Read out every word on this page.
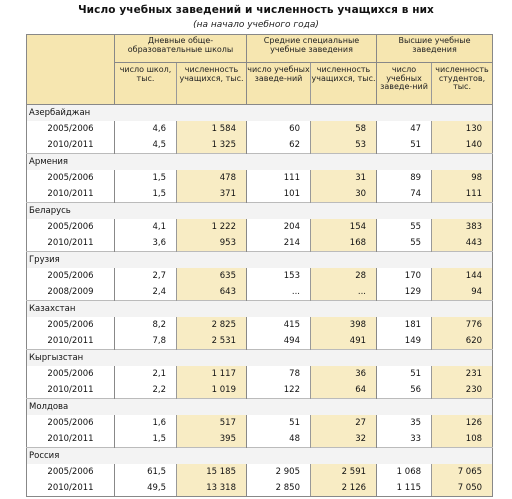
Число учебных заведений и численность учащихся в них
(на начало учебного года)
	Дневные обще-образовательные школы		Средние специальные учебные заведения		Высшие учебные заведения	
	число школ, тыс.	численность учащихся, тыс.	число учебных заведе-ний	численность учащихся, тыс.	число учебных заведе-ний	численность студентов, тыс.
Азербайджан						
2005/2006	4,6	1 584	60	58	47	130
2010/2011	4,5	1 325	62	53	51	140
Армения						
2005/2006	1,5	478	111	31	89	98
2010/2011	1,5	371	101	30	74	111
Беларусь						
2005/2006	4,1	1 222	204	154	55	383
2010/2011	3,6	953	214	168	55	443
Грузия						
2005/2006	2,7	635	153	28	170	144
2008/2009	2,4	643	...	...	129	94
Казахстан						
2005/2006	8,2	2 825	415	398	181	776
2010/2011	7,8	2 531	494	491	149	620
Кыргызстан						
2005/2006	2,1	1 117	78	36	51	231
2010/2011	2,2	1 019	122	64	56	230
Молдова						
2005/2006	1,6	517	51	27	35	126
2010/2011	1,5	395	48	32	33	108
Россия						
2005/2006	61,5	15 185	2 905	2 591	1 068	7 065
2010/2011	49,5	13 318	2 850	2 126	1 115	7 050
